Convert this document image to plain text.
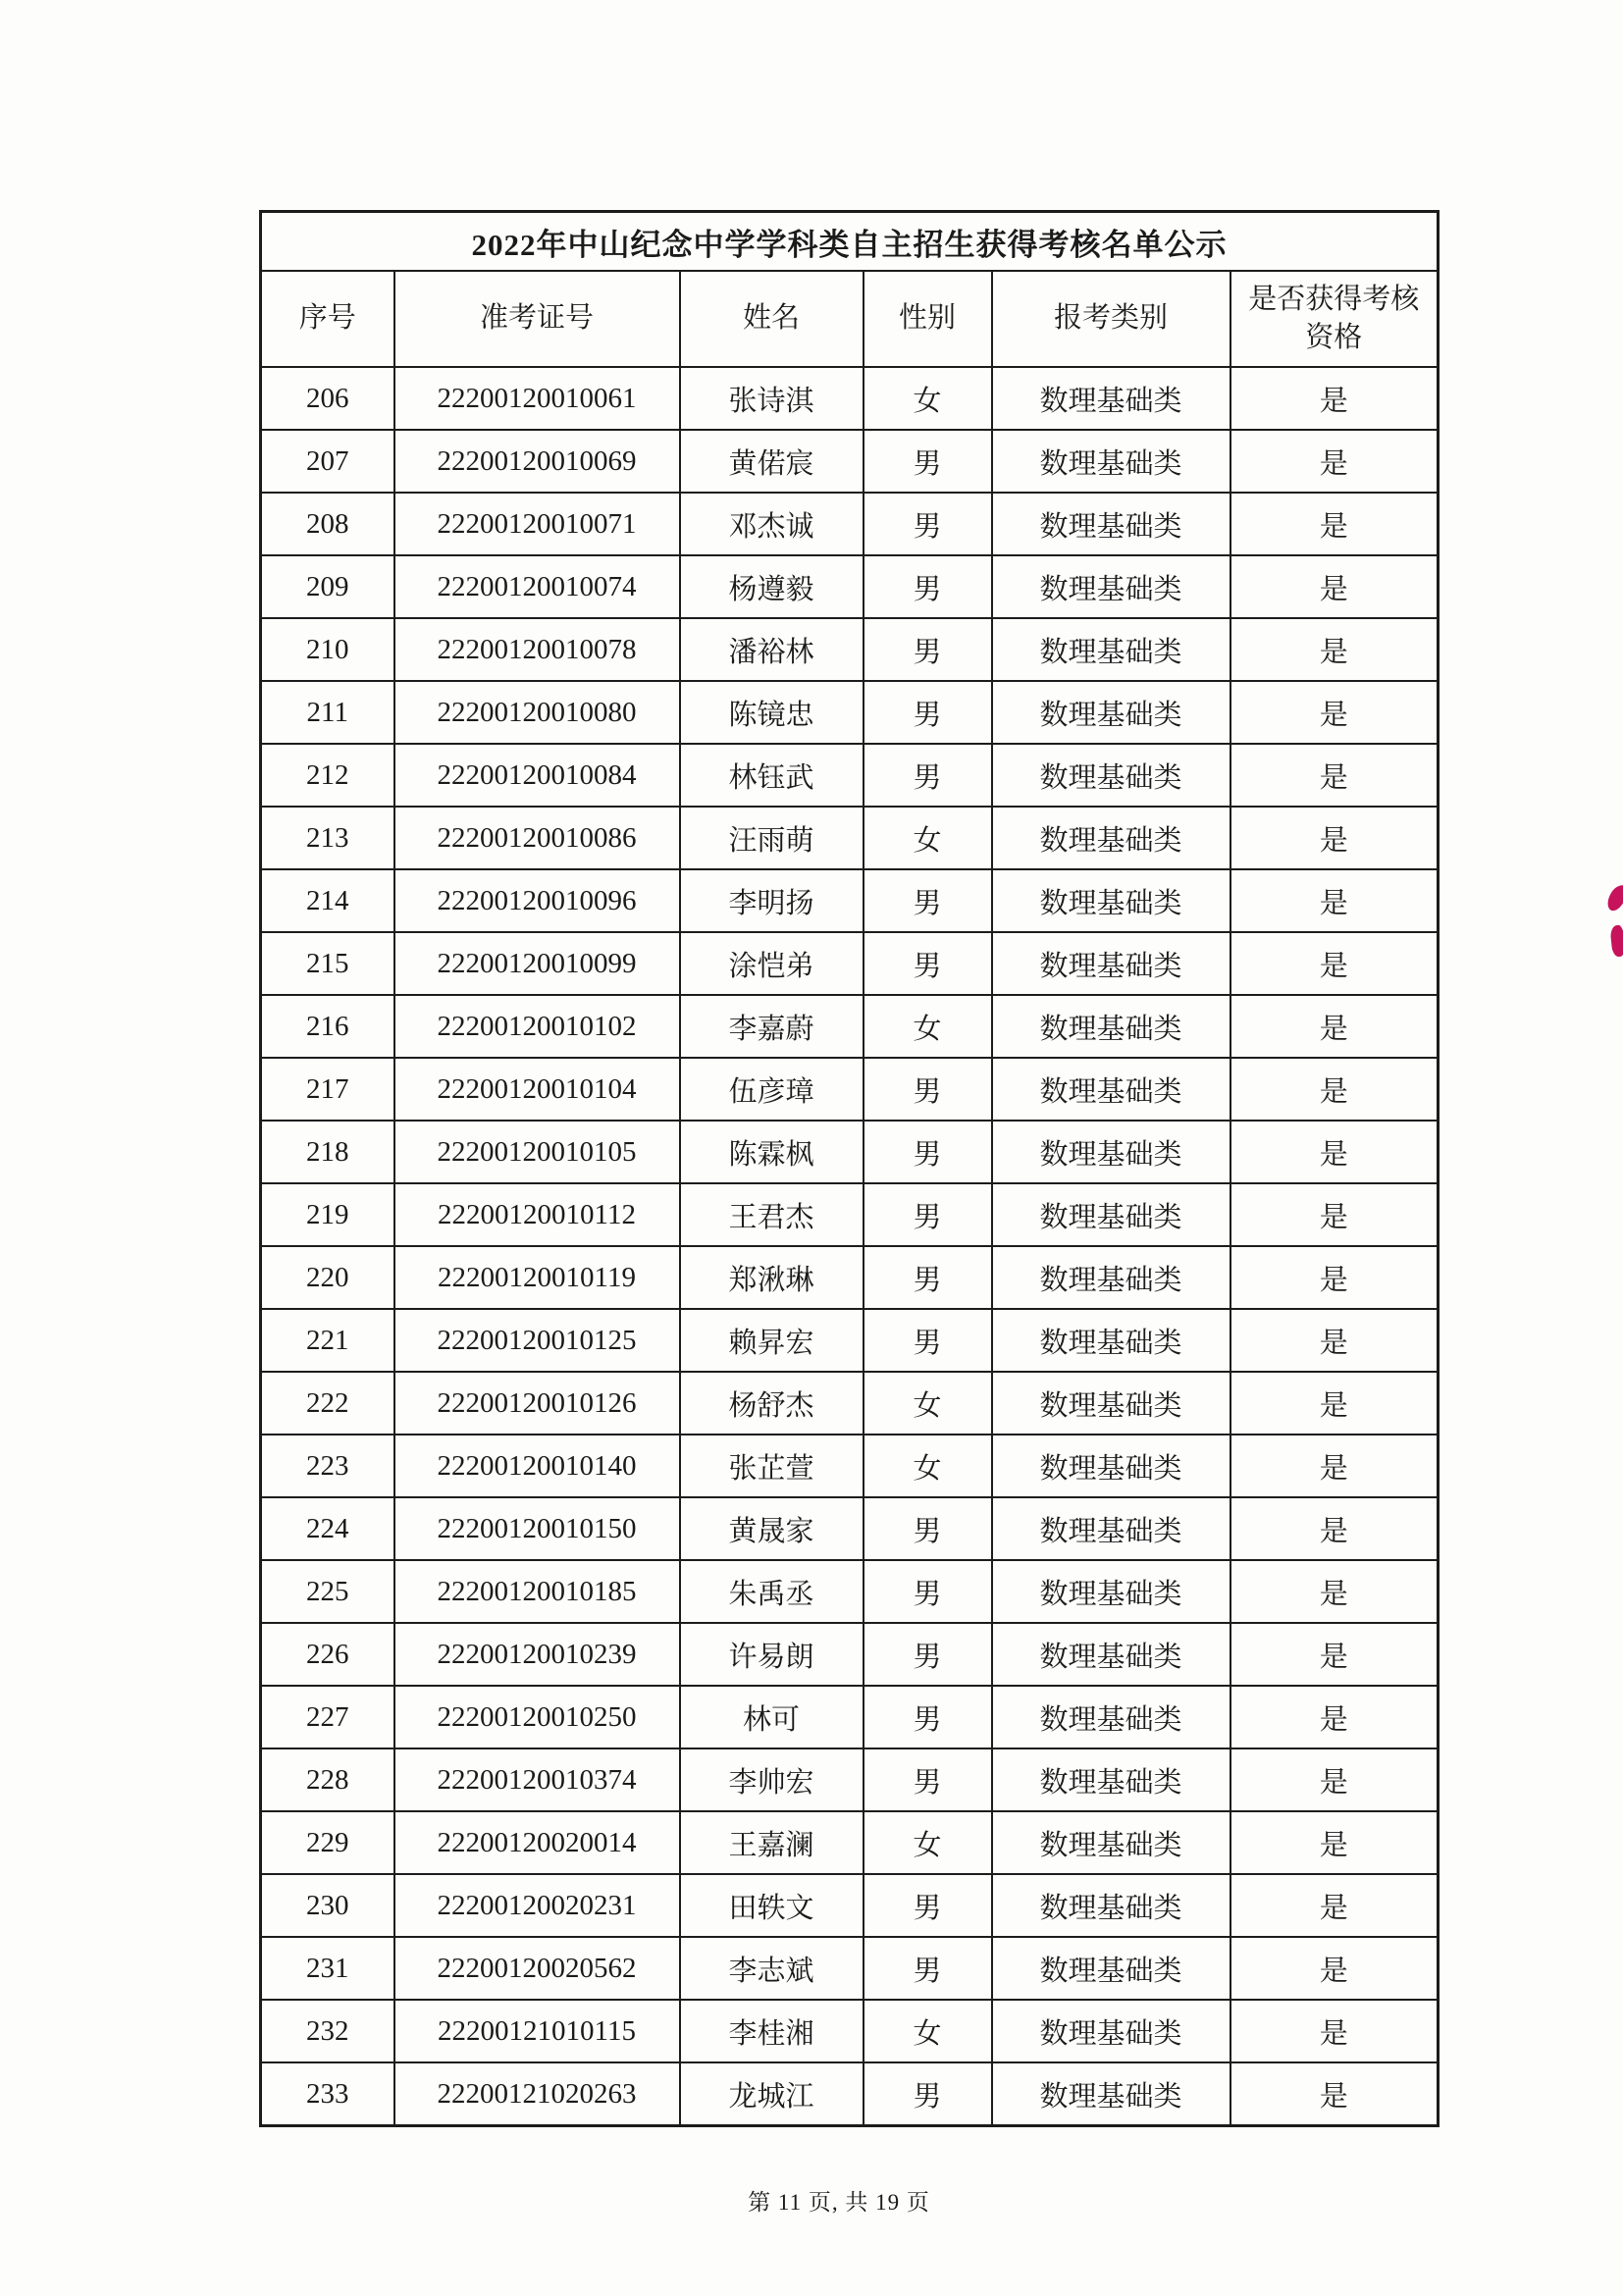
2022年中山纪念中学学科类自主招生获得考核名单公示					
序号	准考证号	姓名	性别	报考类别	是否获得考核资格
206	22200120010061	张诗淇	女	数理基础类	是
207	22200120010069	黄偌宸	男	数理基础类	是
208	22200120010071	邓杰诚	男	数理基础类	是
209	22200120010074	杨遵毅	男	数理基础类	是
210	22200120010078	潘裕林	男	数理基础类	是
211	22200120010080	陈镜忠	男	数理基础类	是
212	22200120010084	林钰武	男	数理基础类	是
213	22200120010086	汪雨萌	女	数理基础类	是
214	22200120010096	李明扬	男	数理基础类	是
215	22200120010099	涂恺弟	男	数理基础类	是
216	22200120010102	李嘉蔚	女	数理基础类	是
217	22200120010104	伍彦璋	男	数理基础类	是
218	22200120010105	陈霖枫	男	数理基础类	是
219	22200120010112	王君杰	男	数理基础类	是
220	22200120010119	郑湫琳	男	数理基础类	是
221	22200120010125	赖昇宏	男	数理基础类	是
222	22200120010126	杨舒杰	女	数理基础类	是
223	22200120010140	张芷萱	女	数理基础类	是
224	22200120010150	黄晟家	男	数理基础类	是
225	22200120010185	朱禹丞	男	数理基础类	是
226	22200120010239	许易朗	男	数理基础类	是
227	22200120010250	林可	男	数理基础类	是
228	22200120010374	李帅宏	男	数理基础类	是
229	22200120020014	王嘉澜	女	数理基础类	是
230	22200120020231	田轶文	男	数理基础类	是
231	22200120020562	李志斌	男	数理基础类	是
232	22200121010115	李桂湘	女	数理基础类	是
233	22200121020263	龙城江	男	数理基础类	是
第 11 页, 共 19 页
